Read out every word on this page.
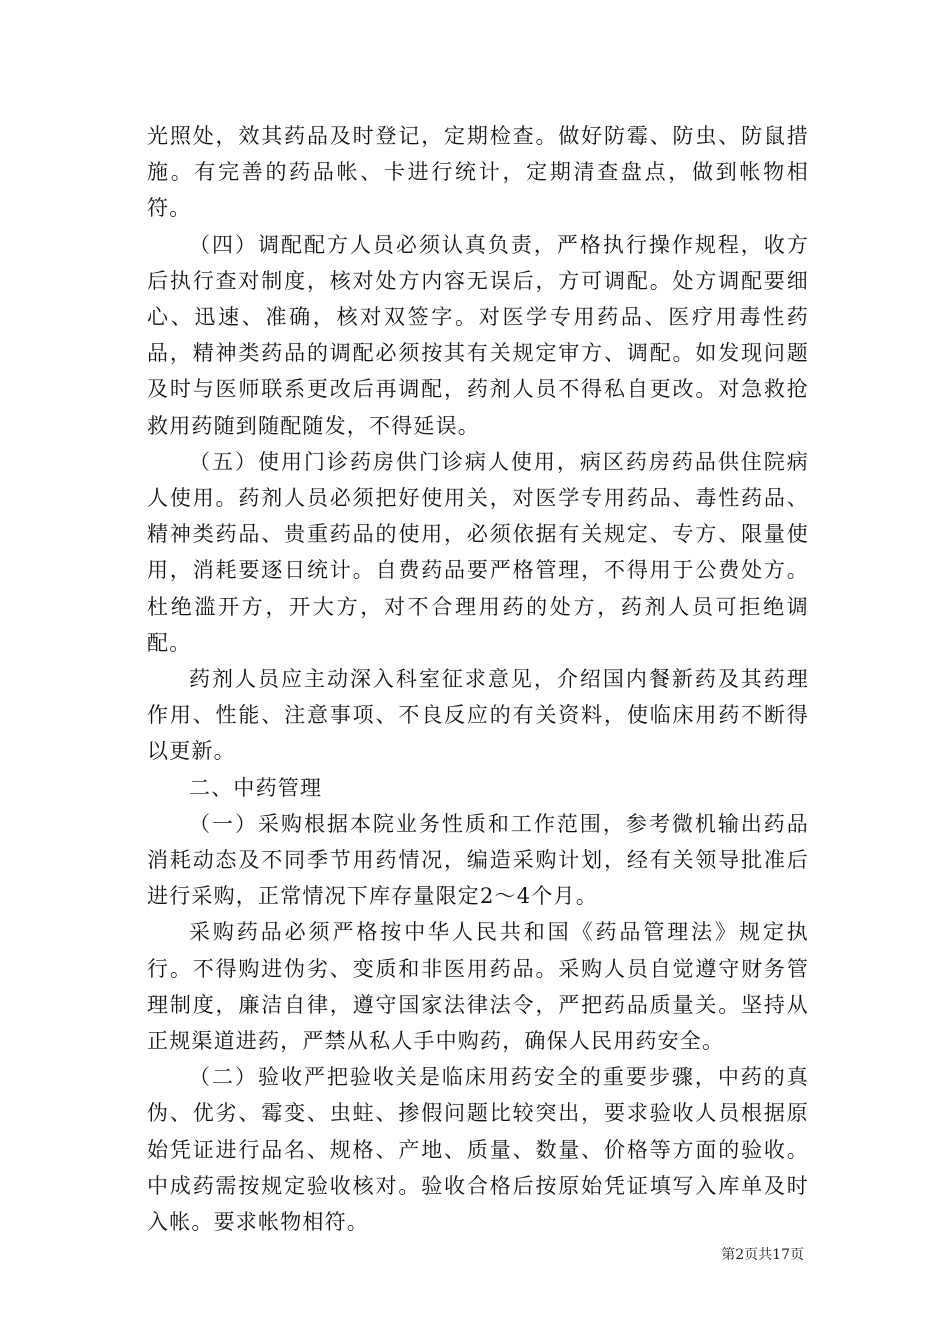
光照处，效其药品及时登记，定期检查。做好防霉、防虫、防鼠措施。有完善的药品帐、卡进行统计，定期清查盘点，做到帐物相符。

（四）调配配方人员必须认真负责，严格执行操作规程，收方后执行查对制度，核对处方内容无误后，方可调配。处方调配要细心、迅速、准确，核对双签字。对医学专用药品、医疗用毒性药品，精神类药品的调配必须按其有关规定审方、调配。如发现问题及时与医师联系更改后再调配，药剂人员不得私自更改。对急救抢救用药随到随配随发，不得延误。

（五）使用门诊药房供门诊病人使用，病区药房药品供住院病人使用。药剂人员必须把好使用关，对医学专用药品、毒性药品、精神类药品、贵重药品的使用，必须依据有关规定、专方、限量使用，消耗要逐日统计。自费药品要严格管理，不得用于公费处方。杜绝滥开方，开大方，对不合理用药的处方，药剂人员可拒绝调配。

药剂人员应主动深入科室征求意见，介绍国内餐新药及其药理作用、性能、注意事项、不良反应的有关资料，使临床用药不断得以更新。

二、中药管理

（一）采购根据本院业务性质和工作范围，参考微机输出药品消耗动态及不同季节用药情况，编造采购计划，经有关领导批准后进行采购，正常情况下库存量限定2～4个月。

采购药品必须严格按中华人民共和国《药品管理法》规定执行。不得购进伪劣、变质和非医用药品。采购人员自觉遵守财务管理制度，廉洁自律，遵守国家法律法令，严把药品质量关。坚持从正规渠道进药，严禁从私人手中购药，确保人民用药安全。

（二）验收严把验收关是临床用药安全的重要步骤，中药的真伪、优劣、霉变、虫蛀、掺假问题比较突出，要求验收人员根据原始凭证进行品名、规格、产地、质量、数量、价格等方面的验收。中成药需按规定验收核对。验收合格后按原始凭证填写入库单及时入帐。要求帐物相符。

第2页共17页
